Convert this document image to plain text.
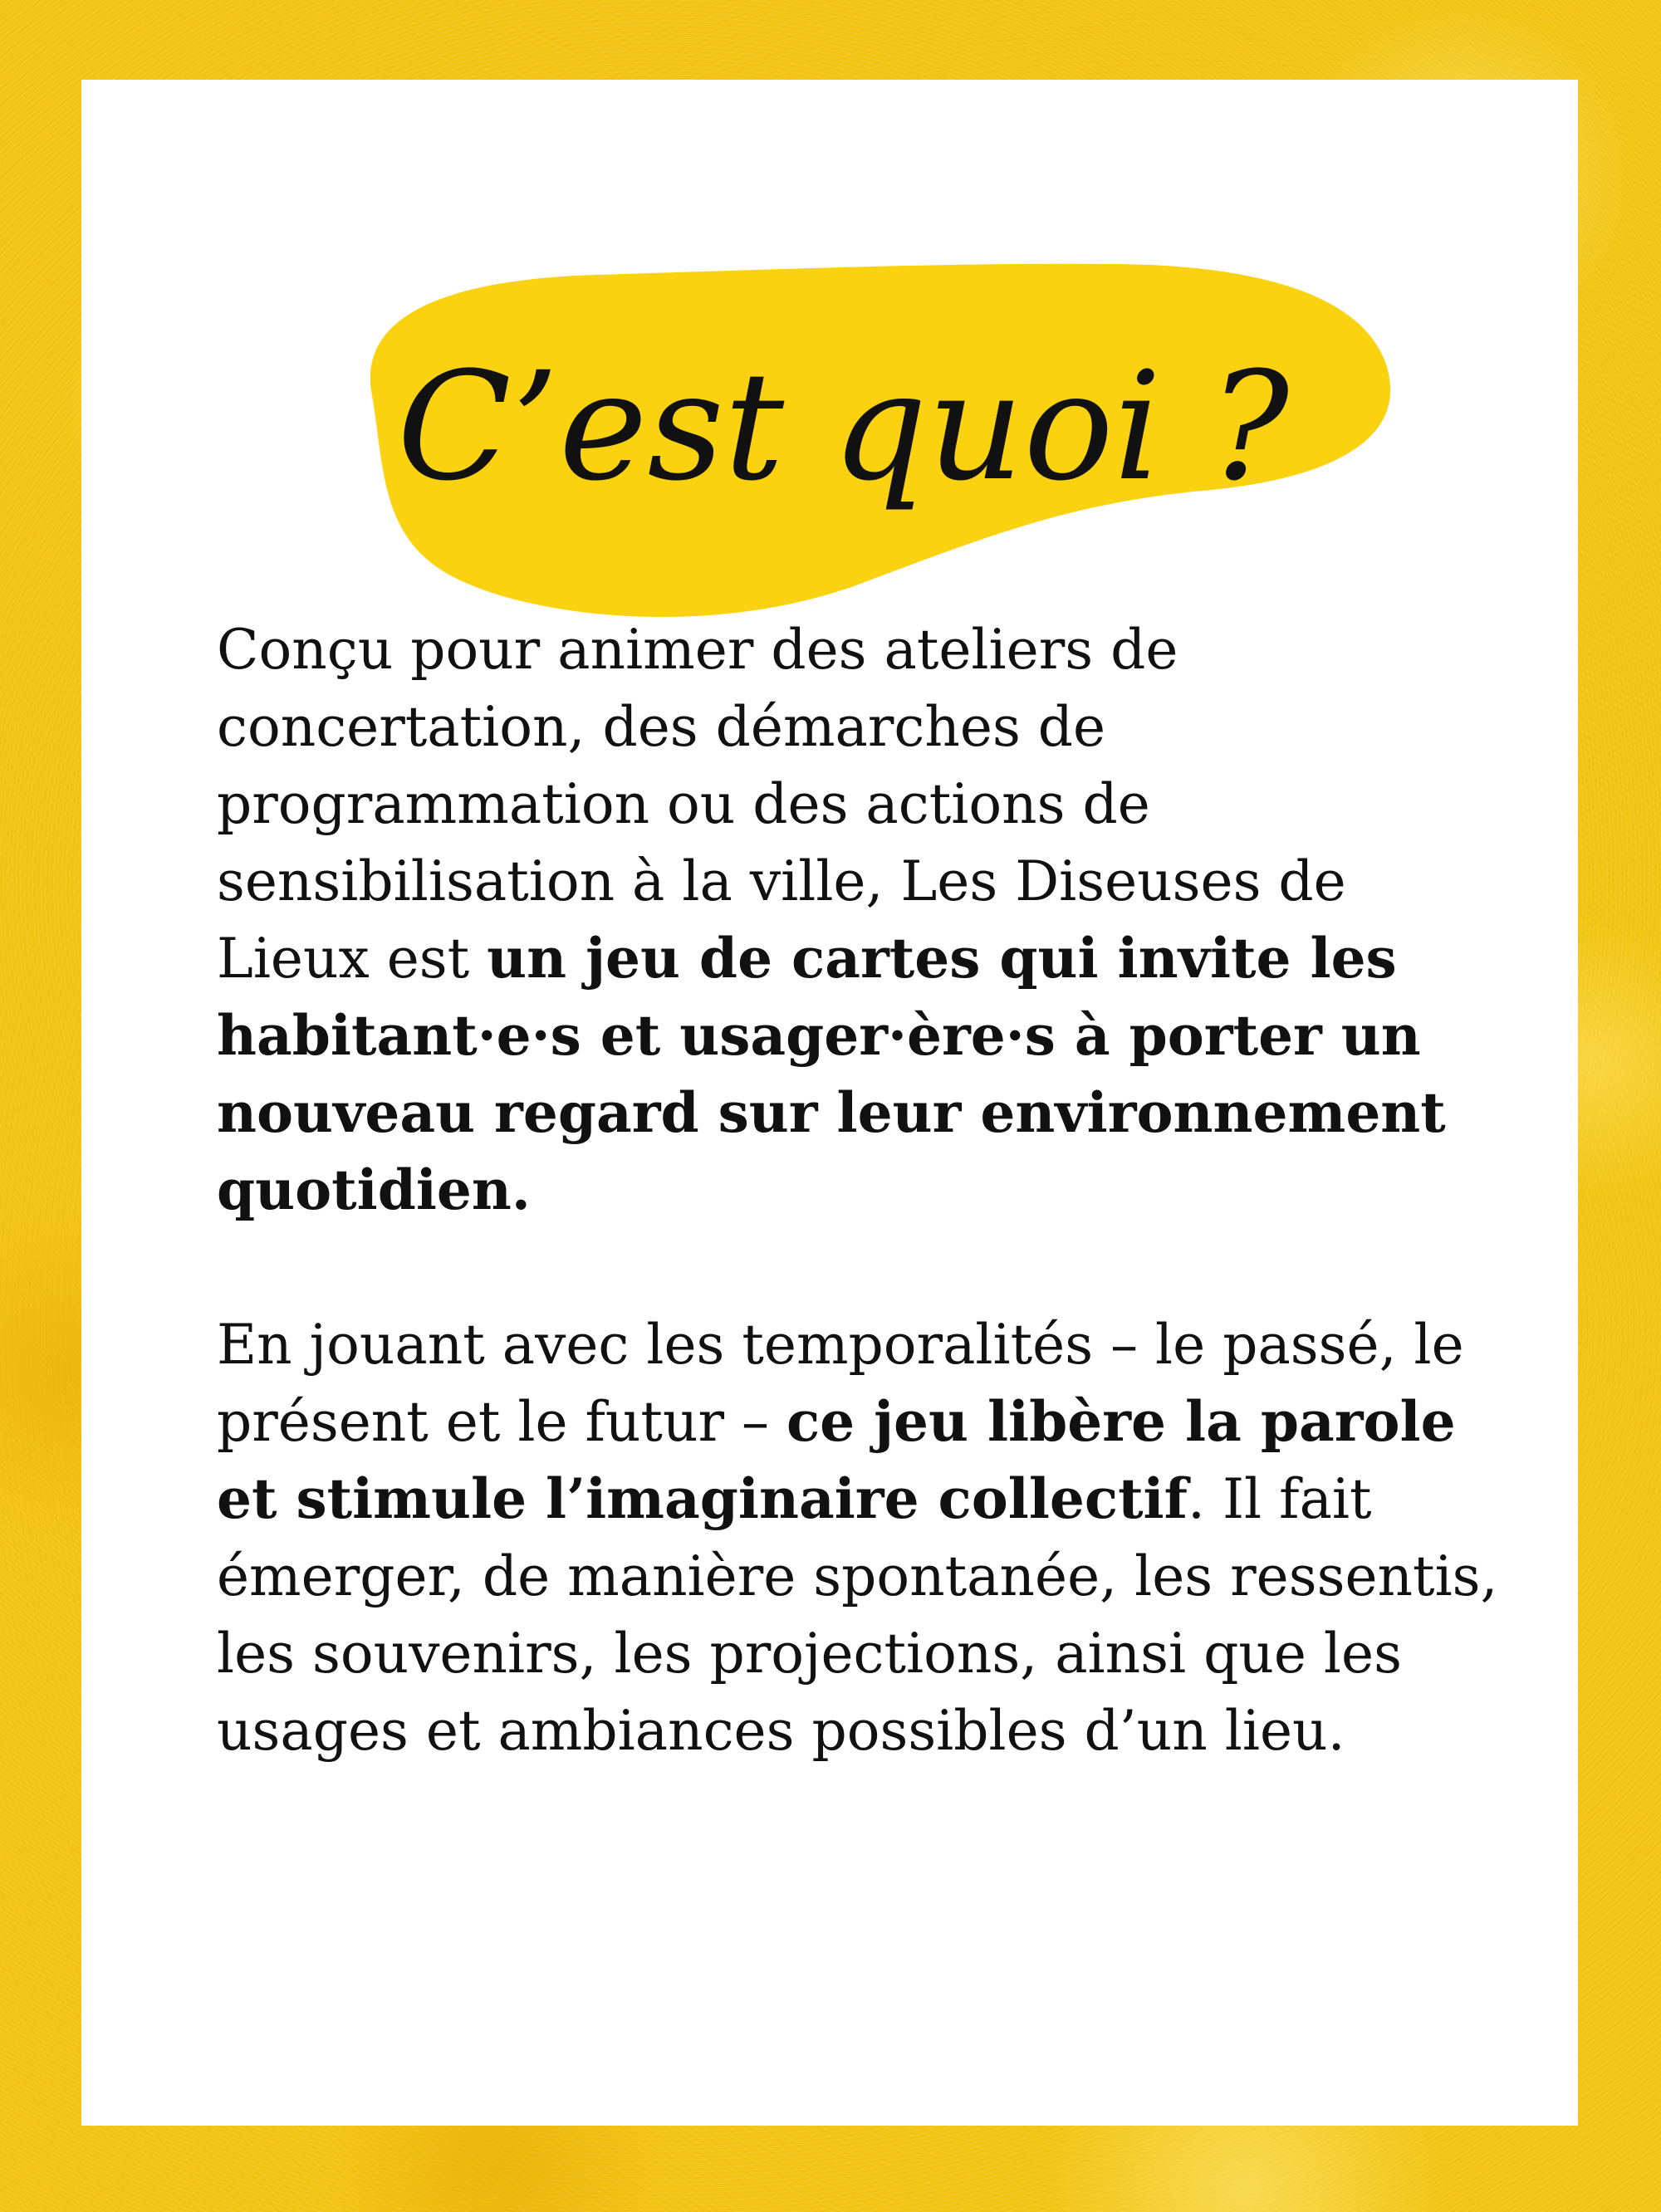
C’est quoi ?

Conçu pour animer des ateliers de concertation, des démarches de programmation ou des actions de sensibilisation à la ville, Les Diseuses de Lieux est un jeu de cartes qui invite les habitant·e·s et usager·ère·s à porter un nouveau regard sur leur environnement quotidien.

En jouant avec les temporalités – le passé, le présent et le futur – ce jeu libère la parole et stimule l’imaginaire collectif. Il fait émerger, de manière spontanée, les ressentis, les souvenirs, les projections, ainsi que les usages et ambiances possibles d’un lieu.
